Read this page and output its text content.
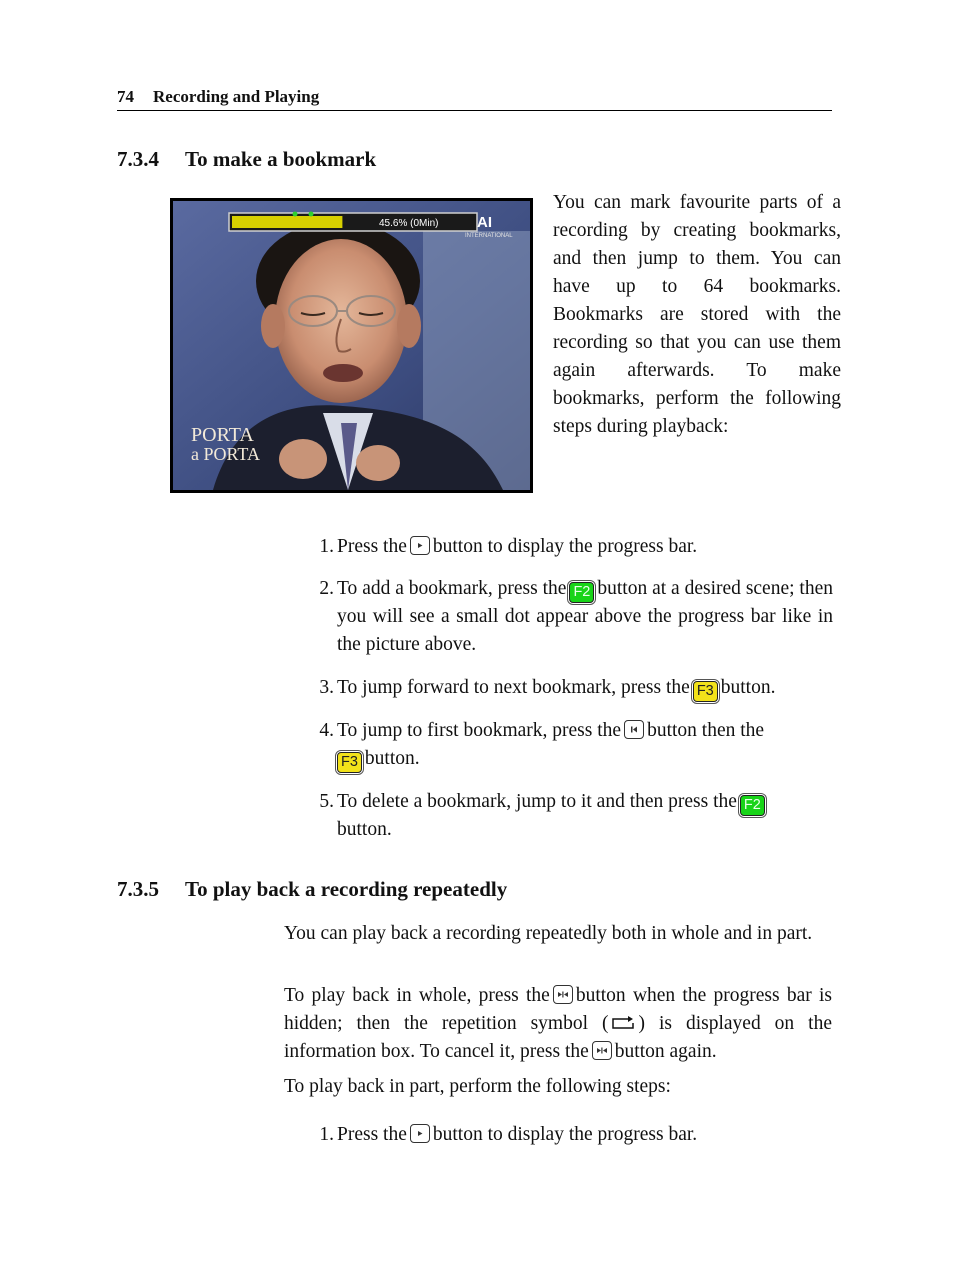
74 Recording and Playing
7.3.4 To make a bookmark
45.6% (0Min)	AI
INTERNATIONAL
PORTA
a PORTA
You can mark favourite parts of a recording by creating bookmarks, and then jump to them. You can have up to 64 bookmarks. Bookmarks are stored with the recording so that you can use them again afterwards. To make bookmarks, perform the following steps during playback:
1. Press the button to display the progress bar.
2. To add a bookmark, press the F2 button at a desired scene; then you will see a small dot appear above the progress bar like in the picture above.
3. To jump forward to next bookmark, press the F3 button.
4. To jump to first bookmark, press the button then the
F3 button.
5. To delete a bookmark, jump to it and then press the F2
button.
7.3.5 To play back a recording repeatedly
You can play back a recording repeatedly both in whole and in part.
To play back in whole, press the button when the progress bar is hidden; then the repetition symbol ( ) is displayed on the information box. To cancel it, press the button again.
To play back in part, perform the following steps:
1. Press the button to display the progress bar.
